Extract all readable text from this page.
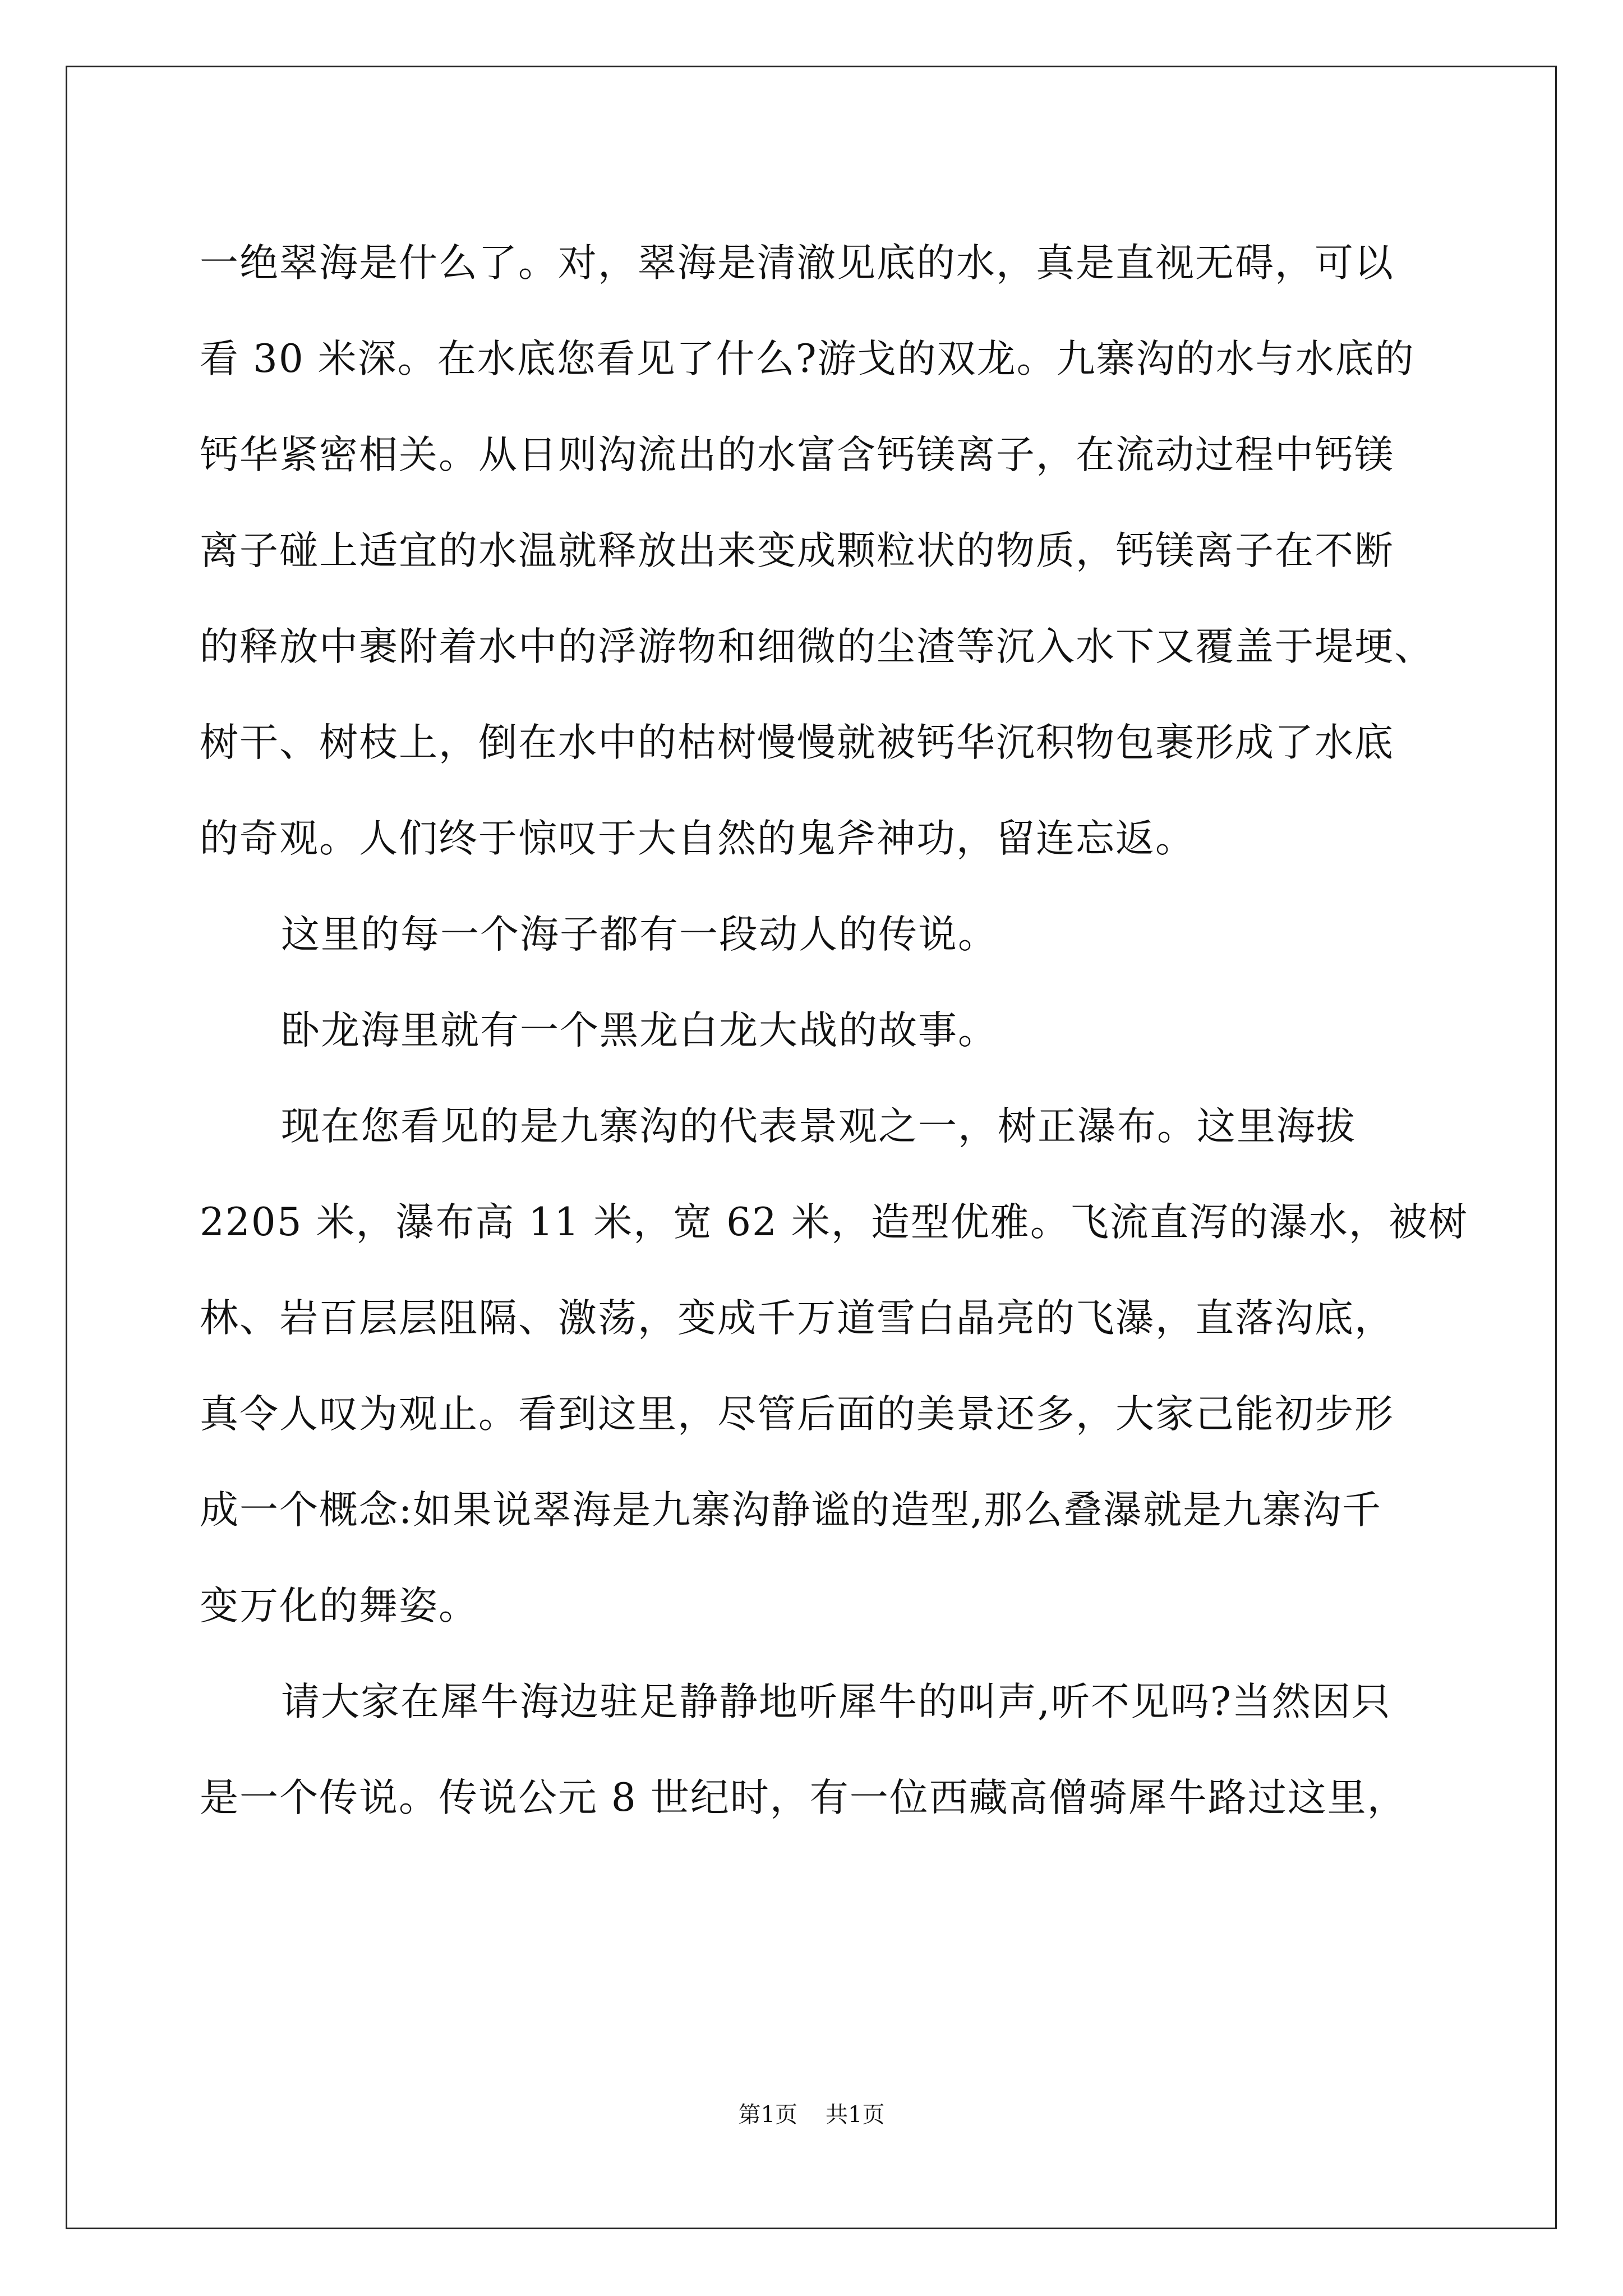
一绝翠海是什么了。对，翠海是清澈见底的水，真是直视无碍，可以
看 30 米深。在水底您看见了什么?游戈的双龙。九寨沟的水与水底的
钙华紧密相关。从日则沟流出的水富含钙镁离子，在流动过程中钙镁
离子碰上适宜的水温就释放出来变成颗粒状的物质，钙镁离子在不断
的释放中裹附着水中的浮游物和细微的尘渣等沉入水下又覆盖于堤埂、
树干、树枝上，倒在水中的枯树慢慢就被钙华沉积物包裹形成了水底
的奇观。人们终于惊叹于大自然的鬼斧神功，留连忘返。
这里的每一个海子都有一段动人的传说。
卧龙海里就有一个黑龙白龙大战的故事。
现在您看见的是九寨沟的代表景观之一，树正瀑布。这里海拔
2205 米，瀑布高 11 米，宽 62 米，造型优雅。飞流直泻的瀑水，被树
林、岩百层层阻隔、激荡，变成千万道雪白晶亮的飞瀑，直落沟底，
真令人叹为观止。看到这里，尽管后面的美景还多，大家己能初步形
成一个概念:如果说翠海是九寨沟静谧的造型,那么叠瀑就是九寨沟千
变万化的舞姿。
请大家在犀牛海边驻足静静地听犀牛的叫声,听不见吗?当然因只
是一个传说。传说公元 8 世纪时，有一位西藏高僧骑犀牛路过这里，
第1页 共1页
